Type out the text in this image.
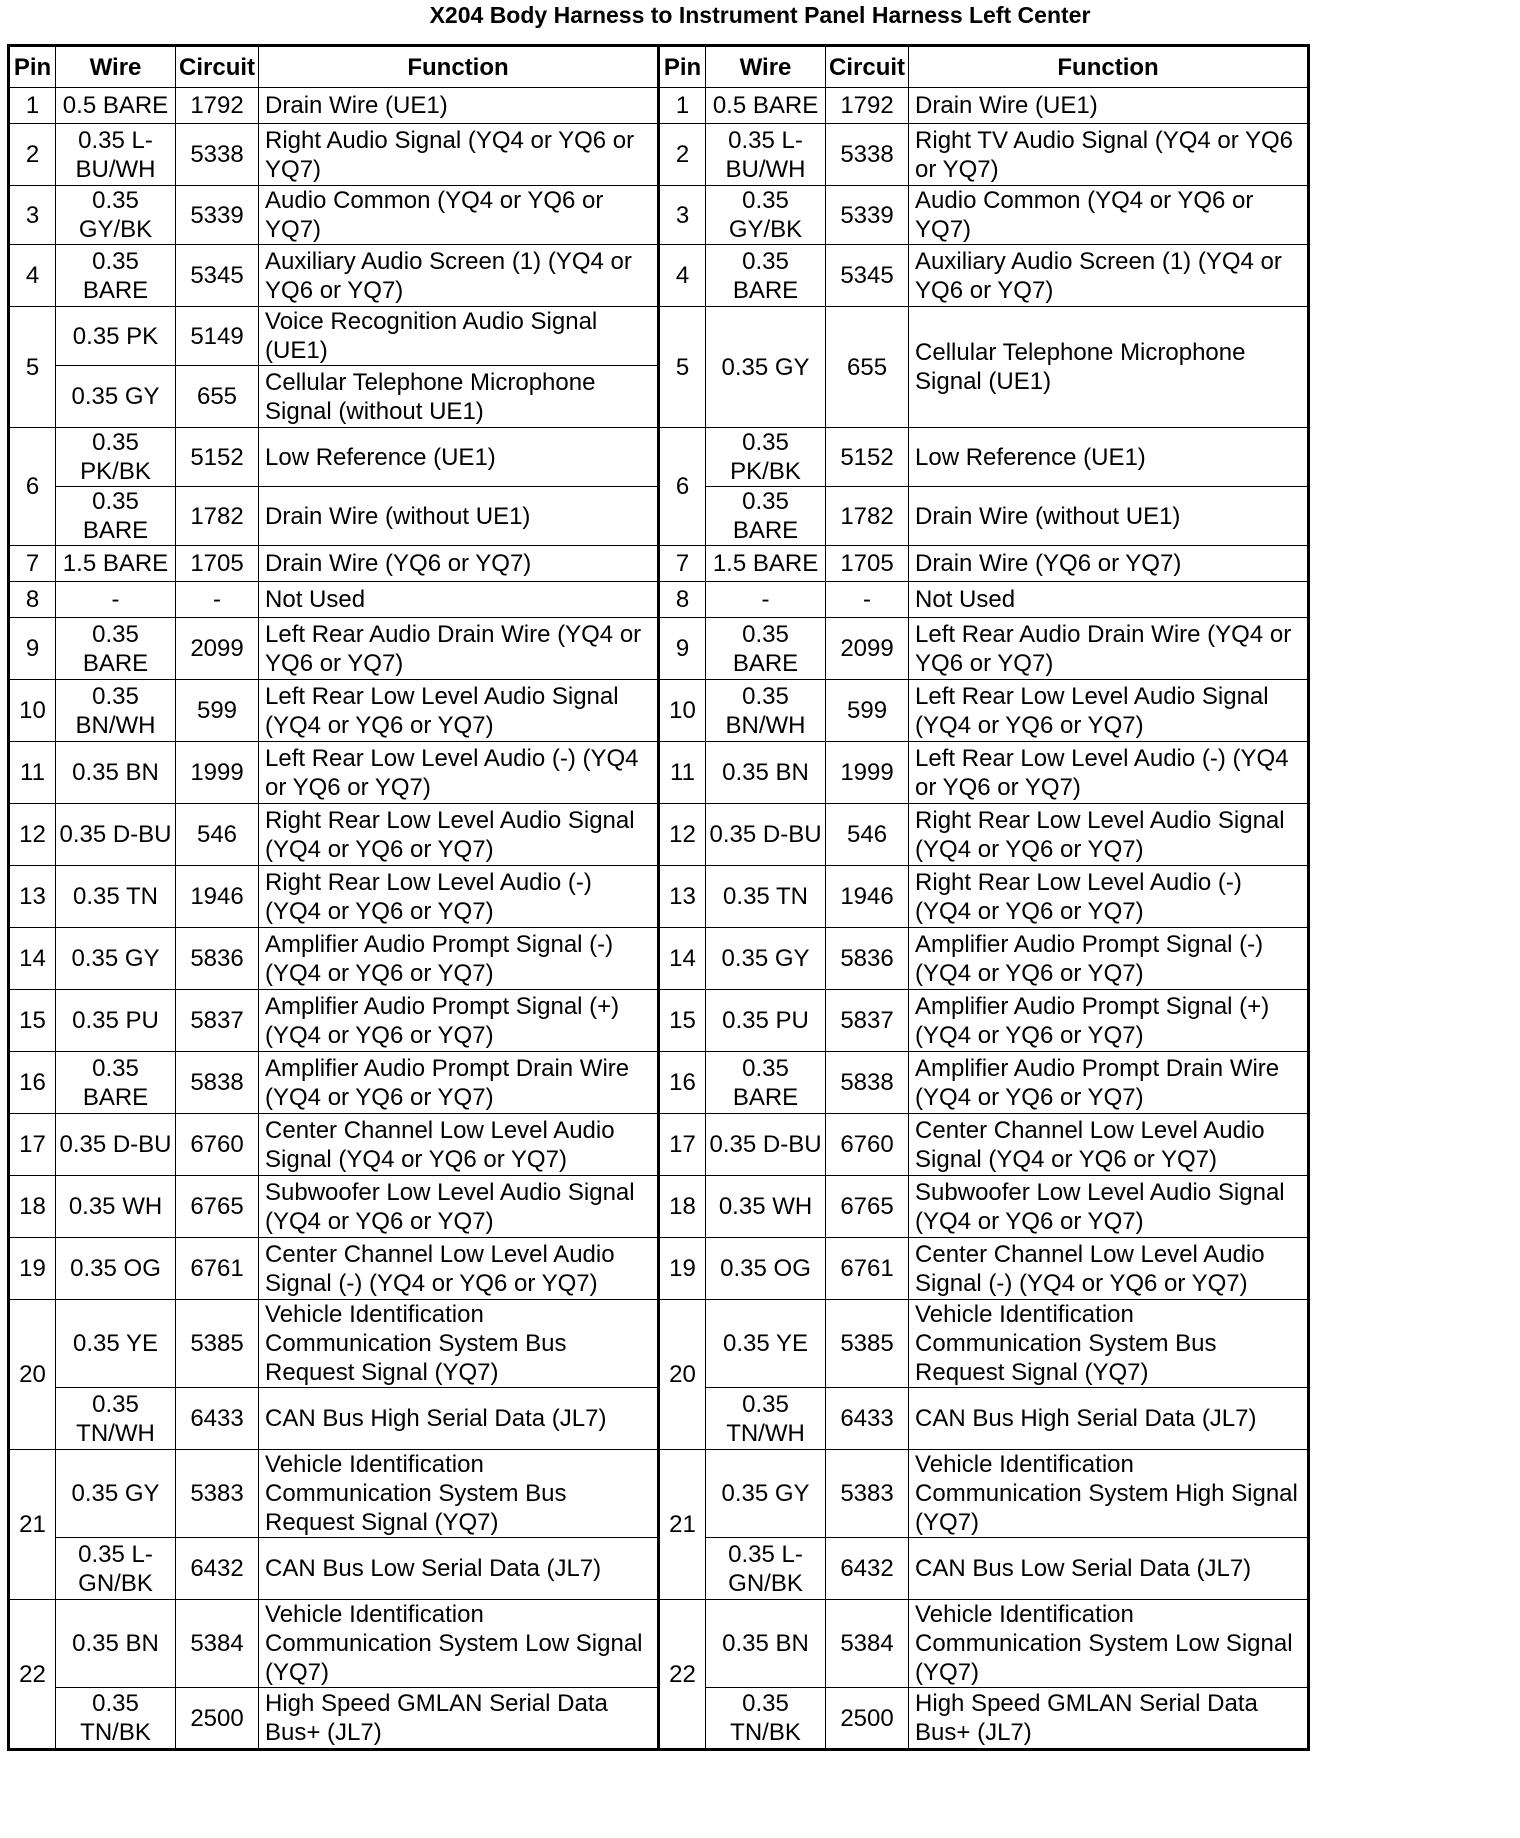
X204 Body Harness to Instrument Panel Harness Left Center
Pin	Wire	Circuit	Function	Pin	Wire	Circuit	Function
1	0.5 BARE	1792	Drain Wire (UE1)	1	0.5 BARE	1792	Drain Wire (UE1)
2	0.35 L-BU/WH	5338	Right Audio Signal (YQ4 or YQ6 or YQ7)	2	0.35 L-BU/WH	5338	Right TV Audio Signal (YQ4 or YQ6 or YQ7)
3	0.35 GY/BK	5339	Audio Common (YQ4 or YQ6 or YQ7)	3	0.35 GY/BK	5339	Audio Common (YQ4 or YQ6 or YQ7)
4	0.35 BARE	5345	Auxiliary Audio Screen (1) (YQ4 or YQ6 or YQ7)	4	0.35 BARE	5345	Auxiliary Audio Screen (1) (YQ4 or YQ6 or YQ7)
5	0.35 PK	5149	Voice Recognition Audio Signal (UE1)	5	0.35 GY	655	Cellular Telephone Microphone Signal (UE1)
	0.35 GY	655	Cellular Telephone Microphone Signal (without UE1)				
6	0.35 PK/BK	5152	Low Reference (UE1)	6	0.35 PK/BK	5152	Low Reference (UE1)
	0.35 BARE	1782	Drain Wire (without UE1)		0.35 BARE	1782	Drain Wire (without UE1)
7	1.5 BARE	1705	Drain Wire (YQ6 or YQ7)	7	1.5 BARE	1705	Drain Wire (YQ6 or YQ7)
8	-	-	Not Used	8	-	-	Not Used
9	0.35 BARE	2099	Left Rear Audio Drain Wire (YQ4 or YQ6 or YQ7)	9	0.35 BARE	2099	Left Rear Audio Drain Wire (YQ4 or YQ6 or YQ7)
10	0.35 BN/WH	599	Left Rear Low Level Audio Signal (YQ4 or YQ6 or YQ7)	10	0.35 BN/WH	599	Left Rear Low Level Audio Signal (YQ4 or YQ6 or YQ7)
11	0.35 BN	1999	Left Rear Low Level Audio (-) (YQ4 or YQ6 or YQ7)	11	0.35 BN	1999	Left Rear Low Level Audio (-) (YQ4 or YQ6 or YQ7)
12	0.35 D-BU	546	Right Rear Low Level Audio Signal (YQ4 or YQ6 or YQ7)	12	0.35 D-BU	546	Right Rear Low Level Audio Signal (YQ4 or YQ6 or YQ7)
13	0.35 TN	1946	Right Rear Low Level Audio (-) (YQ4 or YQ6 or YQ7)	13	0.35 TN	1946	Right Rear Low Level Audio (-) (YQ4 or YQ6 or YQ7)
14	0.35 GY	5836	Amplifier Audio Prompt Signal (-) (YQ4 or YQ6 or YQ7)	14	0.35 GY	5836	Amplifier Audio Prompt Signal (-) (YQ4 or YQ6 or YQ7)
15	0.35 PU	5837	Amplifier Audio Prompt Signal (+) (YQ4 or YQ6 or YQ7)	15	0.35 PU	5837	Amplifier Audio Prompt Signal (+) (YQ4 or YQ6 or YQ7)
16	0.35 BARE	5838	Amplifier Audio Prompt Drain Wire (YQ4 or YQ6 or YQ7)	16	0.35 BARE	5838	Amplifier Audio Prompt Drain Wire (YQ4 or YQ6 or YQ7)
17	0.35 D-BU	6760	Center Channel Low Level Audio Signal (YQ4 or YQ6 or YQ7)	17	0.35 D-BU	6760	Center Channel Low Level Audio Signal (YQ4 or YQ6 or YQ7)
18	0.35 WH	6765	Subwoofer Low Level Audio Signal (YQ4 or YQ6 or YQ7)	18	0.35 WH	6765	Subwoofer Low Level Audio Signal (YQ4 or YQ6 or YQ7)
19	0.35 OG	6761	Center Channel Low Level Audio Signal (-) (YQ4 or YQ6 or YQ7)	19	0.35 OG	6761	Center Channel Low Level Audio Signal (-) (YQ4 or YQ6 or YQ7)
20	0.35 YE	5385	Vehicle Identification Communication System Bus Request Signal (YQ7)	20	0.35 YE	5385	Vehicle Identification Communication System Bus Request Signal (YQ7)
	0.35 TN/WH	6433	CAN Bus High Serial Data (JL7)		0.35 TN/WH	6433	CAN Bus High Serial Data (JL7)
21	0.35 GY	5383	Vehicle Identification Communication System Bus Request Signal (YQ7)	21	0.35 GY	5383	Vehicle Identification Communication System High Signal (YQ7)
	0.35 L-GN/BK	6432	CAN Bus Low Serial Data (JL7)		0.35 L-GN/BK	6432	CAN Bus Low Serial Data (JL7)
22	0.35 BN	5384	Vehicle Identification Communication System Low Signal (YQ7)	22	0.35 BN	5384	Vehicle Identification Communication System Low Signal (YQ7)
	0.35 TN/BK	2500	High Speed GMLAN Serial Data Bus+ (JL7)		0.35 TN/BK	2500	High Speed GMLAN Serial Data Bus+ (JL7)
